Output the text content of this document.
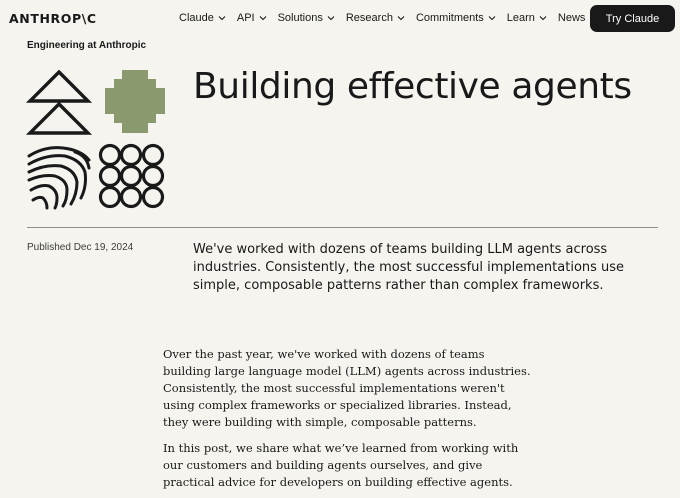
ANTHROP\C	Claude API Solutions Research Commitments Learn News	Try Claude
Engineering at Anthropic
Building effective agents
Published Dec 19, 2024	We've worked with dozens of teams building LLM agents across industries. Consistently, the most successful implementations use simple, composable patterns rather than complex frameworks.

Over the past year, we've worked with dozens of teams building large language model (LLM) agents across industries. Consistently, the most successful implementations weren't using complex frameworks or specialized libraries. Instead, they were building with simple, composable patterns.

In this post, we share what we’ve learned from working with our customers and building agents ourselves, and give practical advice for developers on building effective agents.
